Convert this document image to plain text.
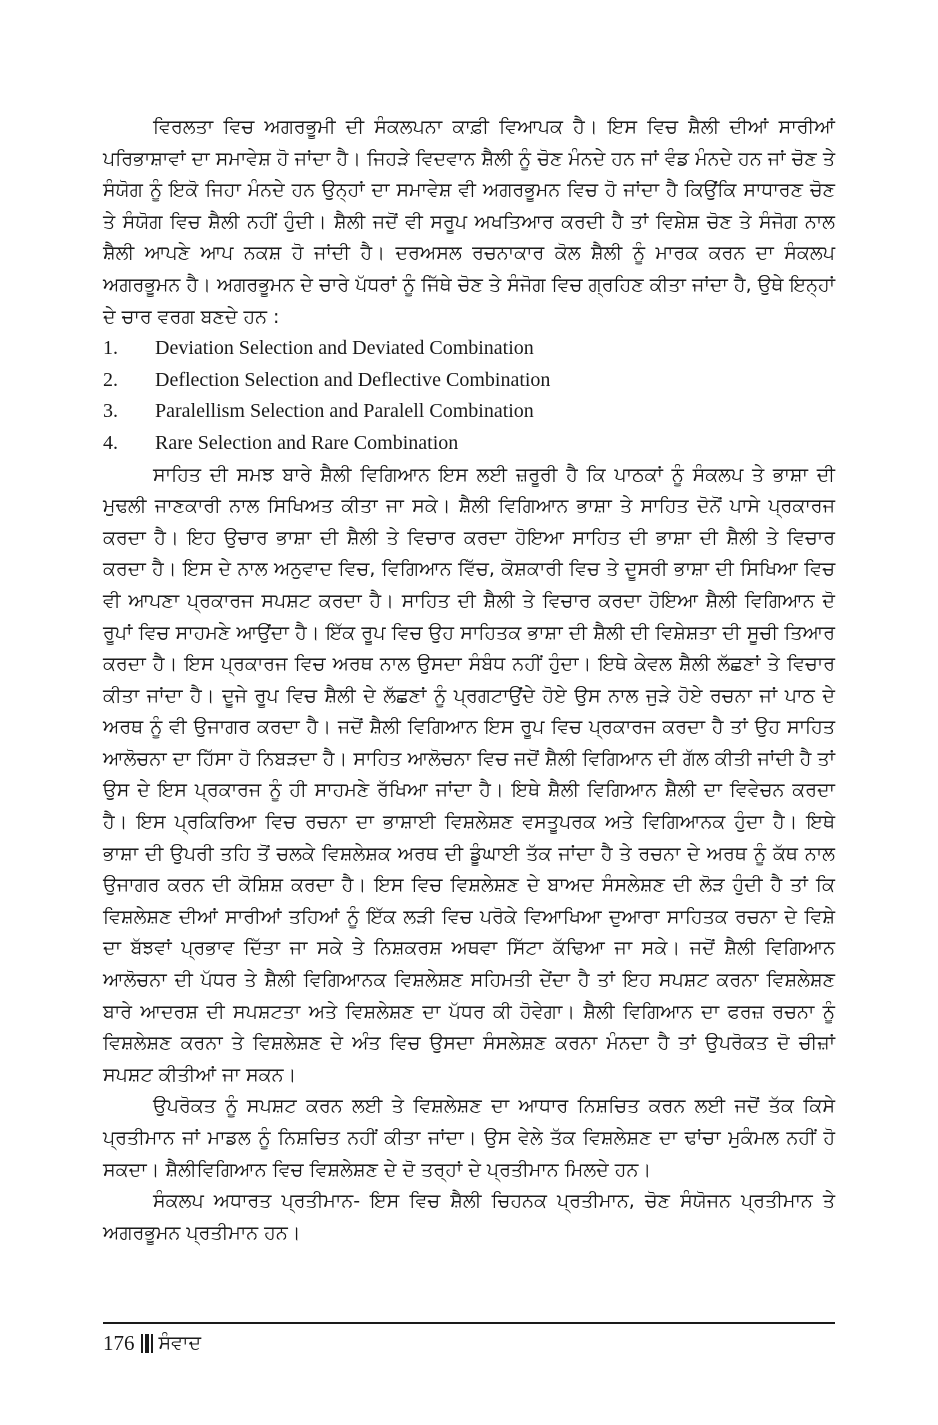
ਵਿਰਲਤਾ ਵਿਚ ਅਗਰਭੂਮੀ ਦੀ ਸੰਕਲਪਨਾ ਕਾਫ਼ੀ ਵਿਆਪਕ ਹੈ। ਇਸ ਵਿਚ ਸ਼ੈਲੀ ਦੀਆਂ ਸਾਰੀਆਂ ਪਰਿਭਾਸ਼ਾਵਾਂ ਦਾ ਸਮਾਵੇਸ਼ ਹੋ ਜਾਂਦਾ ਹੈ। ਜਿਹੜੇ ਵਿਦਵਾਨ ਸ਼ੈਲੀ ਨੂੰ ਚੋਣ ਮੰਨਦੇ ਹਨ ਜਾਂ ਵੰਡ ਮੰਨਦੇ ਹਨ ਜਾਂ ਚੋਣ ਤੇ ਸੰਯੋਗ ਨੂੰ ਇਕੋ ਜਿਹਾ ਮੰਨਦੇ ਹਨ ਉਨ੍ਹਾਂ ਦਾ ਸਮਾਵੇਸ਼ ਵੀ ਅਗਰਭੂਮਨ ਵਿਚ ਹੋ ਜਾਂਦਾ ਹੈ ਕਿਉਂਕਿ ਸਾਧਾਰਣ ਚੋਣ ਤੇ ਸੰਯੋਗ ਵਿਚ ਸ਼ੈਲੀ ਨਹੀਂ ਹੁੰਦੀ। ਸ਼ੈਲੀ ਜਦੋਂ ਵੀ ਸਰੂਪ ਅਖਤਿਆਰ ਕਰਦੀ ਹੈ ਤਾਂ ਵਿਸ਼ੇਸ਼ ਚੋਣ ਤੇ ਸੰਜੋਗ ਨਾਲ ਸ਼ੈਲੀ ਆਪਣੇ ਆਪ ਨਕਸ਼ ਹੋ ਜਾਂਦੀ ਹੈ। ਦਰਅਸਲ ਰਚਨਾਕਾਰ ਕੋਲ ਸ਼ੈਲੀ ਨੂੰ ਮਾਰਕ ਕਰਨ ਦਾ ਸੰਕਲਪ ਅਗਰਭੂਮਨ ਹੈ। ਅਗਰਭੂਮਨ ਦੇ ਚਾਰੇ ਪੱਧਰਾਂ ਨੂੰ ਜਿੱਥੇ ਚੋਣ ਤੇ ਸੰਜੋਗ ਵਿਚ ਗ੍ਰਹਿਣ ਕੀਤਾ ਜਾਂਦਾ ਹੈ, ਉਥੇ ਇਨ੍ਹਾਂ ਦੇ ਚਾਰ ਵਰਗ ਬਣਦੇ ਹਨ :

1.	Deviation Selection and Deviated Combination
2.	Deflection Selection and Deflective Combination
3.	Paralellism Selection and Paralell Combination
4.	Rare Selection and Rare Combination

ਸਾਹਿਤ ਦੀ ਸਮਝ ਬਾਰੇ ਸ਼ੈਲੀ ਵਿਗਿਆਨ ਇਸ ਲਈ ਜ਼ਰੂਰੀ ਹੈ ਕਿ ਪਾਠਕਾਂ ਨੂੰ ਸੰਕਲਪ ਤੇ ਭਾਸ਼ਾ ਦੀ ਮੁਢਲੀ ਜਾਣਕਾਰੀ ਨਾਲ ਸਿਖਿਅਤ ਕੀਤਾ ਜਾ ਸਕੇ। ਸ਼ੈਲੀ ਵਿਗਿਆਨ ਭਾਸ਼ਾ ਤੇ ਸਾਹਿਤ ਦੋਨੋਂ ਪਾਸੇ ਪ੍ਰਕਾਰਜ ਕਰਦਾ ਹੈ। ਇਹ ਉਚਾਰ ਭਾਸ਼ਾ ਦੀ ਸ਼ੈਲੀ ਤੇ ਵਿਚਾਰ ਕਰਦਾ ਹੋਇਆ ਸਾਹਿਤ ਦੀ ਭਾਸ਼ਾ ਦੀ ਸ਼ੈਲੀ ਤੇ ਵਿਚਾਰ ਕਰਦਾ ਹੈ। ਇਸ ਦੇ ਨਾਲ ਅਨੁਵਾਦ ਵਿਚ, ਵਿਗਿਆਨ ਵਿੱਚ, ਕੋਸ਼ਕਾਰੀ ਵਿਚ ਤੇ ਦੂਸਰੀ ਭਾਸ਼ਾ ਦੀ ਸਿਖਿਆ ਵਿਚ ਵੀ ਆਪਣਾ ਪ੍ਰਕਾਰਜ ਸਪਸ਼ਟ ਕਰਦਾ ਹੈ। ਸਾਹਿਤ ਦੀ ਸ਼ੈਲੀ ਤੇ ਵਿਚਾਰ ਕਰਦਾ ਹੋਇਆ ਸ਼ੈਲੀ ਵਿਗਿਆਨ ਦੋ ਰੂਪਾਂ ਵਿਚ ਸਾਹਮਣੇ ਆਉਂਦਾ ਹੈ। ਇੱਕ ਰੂਪ ਵਿਚ ਉਹ ਸਾਹਿਤਕ ਭਾਸ਼ਾ ਦੀ ਸ਼ੈਲੀ ਦੀ ਵਿਸ਼ੇਸ਼ਤਾ ਦੀ ਸੂਚੀ ਤਿਆਰ ਕਰਦਾ ਹੈ। ਇਸ ਪ੍ਰਕਾਰਜ ਵਿਚ ਅਰਥ ਨਾਲ ਉਸਦਾ ਸੰਬੰਧ ਨਹੀਂ ਹੁੰਦਾ। ਇਥੇ ਕੇਵਲ ਸ਼ੈਲੀ ਲੱਛਣਾਂ ਤੇ ਵਿਚਾਰ ਕੀਤਾ ਜਾਂਦਾ ਹੈ। ਦੂਜੇ ਰੂਪ ਵਿਚ ਸ਼ੈਲੀ ਦੇ ਲੱਛਣਾਂ ਨੂੰ ਪ੍ਰਗਟਾਉਂਦੇ ਹੋਏ ਉਸ ਨਾਲ ਜੁੜੇ ਹੋਏ ਰਚਨਾ ਜਾਂ ਪਾਠ ਦੇ ਅਰਥ ਨੂੰ ਵੀ ਉਜਾਗਰ ਕਰਦਾ ਹੈ। ਜਦੋਂ ਸ਼ੈਲੀ ਵਿਗਿਆਨ ਇਸ ਰੂਪ ਵਿਚ ਪ੍ਰਕਾਰਜ ਕਰਦਾ ਹੈ ਤਾਂ ਉਹ ਸਾਹਿਤ ਆਲੋਚਨਾ ਦਾ ਹਿੱਸਾ ਹੋ ਨਿਬੜਦਾ ਹੈ। ਸਾਹਿਤ ਆਲੋਚਨਾ ਵਿਚ ਜਦੋਂ ਸ਼ੈਲੀ ਵਿਗਿਆਨ ਦੀ ਗੱਲ ਕੀਤੀ ਜਾਂਦੀ ਹੈ ਤਾਂ ਉਸ ਦੇ ਇਸ ਪ੍ਰਕਾਰਜ ਨੂੰ ਹੀ ਸਾਹਮਣੇ ਰੱਖਿਆ ਜਾਂਦਾ ਹੈ। ਇਥੇ ਸ਼ੈਲੀ ਵਿਗਿਆਨ ਸ਼ੈਲੀ ਦਾ ਵਿਵੇਚਨ ਕਰਦਾ ਹੈ। ਇਸ ਪ੍ਰਕਿਰਿਆ ਵਿਚ ਰਚਨਾ ਦਾ ਭਾਸ਼ਾਈ ਵਿਸ਼ਲੇਸ਼ਣ ਵਸਤੂਪਰਕ ਅਤੇ ਵਿਗਿਆਨਕ ਹੁੰਦਾ ਹੈ। ਇਥੇ ਭਾਸ਼ਾ ਦੀ ਉਪਰੀ ਤਹਿ ਤੋਂ ਚਲਕੇ ਵਿਸ਼ਲੇਸ਼ਕ ਅਰਥ ਦੀ ਡੂੰਘਾਈ ਤੱਕ ਜਾਂਦਾ ਹੈ ਤੇ ਰਚਨਾ ਦੇ ਅਰਥ ਨੂੰ ਕੱਥ ਨਾਲ ਉਜਾਗਰ ਕਰਨ ਦੀ ਕੋਸ਼ਿਸ਼ ਕਰਦਾ ਹੈ। ਇਸ ਵਿਚ ਵਿਸ਼ਲੇਸ਼ਣ ਦੇ ਬਾਅਦ ਸੰਸਲੇਸ਼ਣ ਦੀ ਲੋੜ ਹੁੰਦੀ ਹੈ ਤਾਂ ਕਿ ਵਿਸ਼ਲੇਸ਼ਣ ਦੀਆਂ ਸਾਰੀਆਂ ਤਹਿਆਂ ਨੂੰ ਇੱਕ ਲੜੀ ਵਿਚ ਪਰੋਕੇ ਵਿਆਖਿਆ ਦੁਆਰਾ ਸਾਹਿਤਕ ਰਚਨਾ ਦੇ ਵਿਸ਼ੇ ਦਾ ਬੱਝਵਾਂ ਪ੍ਰਭਾਵ ਦਿੱਤਾ ਜਾ ਸਕੇ ਤੇ ਨਿਸ਼ਕਰਸ਼ ਅਥਵਾ ਸਿੱਟਾ ਕੱਢਿਆ ਜਾ ਸਕੇ। ਜਦੋਂ ਸ਼ੈਲੀ ਵਿਗਿਆਨ ਆਲੋਚਨਾ ਦੀ ਪੱਧਰ ਤੇ ਸ਼ੈਲੀ ਵਿਗਿਆਨਕ ਵਿਸ਼ਲੇਸ਼ਣ ਸਹਿਮਤੀ ਦੇਂਦਾ ਹੈ ਤਾਂ ਇਹ ਸਪਸ਼ਟ ਕਰਨਾ ਵਿਸ਼ਲੇਸ਼ਣ ਬਾਰੇ ਆਦਰਸ਼ ਦੀ ਸਪਸ਼ਟਤਾ ਅਤੇ ਵਿਸ਼ਲੇਸ਼ਣ ਦਾ ਪੱਧਰ ਕੀ ਹੋਵੇਗਾ। ਸ਼ੈਲੀ ਵਿਗਿਆਨ ਦਾ ਫਰਜ਼ ਰਚਨਾ ਨੂੰ ਵਿਸ਼ਲੇਸ਼ਣ ਕਰਨਾ ਤੇ ਵਿਸ਼ਲੇਸ਼ਣ ਦੇ ਅੰਤ ਵਿਚ ਉਸਦਾ ਸੰਸਲੇਸ਼ਣ ਕਰਨਾ ਮੰਨਦਾ ਹੈ ਤਾਂ ਉਪਰੋਕਤ ਦੋ ਚੀਜ਼ਾਂ ਸਪਸ਼ਟ ਕੀਤੀਆਂ ਜਾ ਸਕਨ।

ਉਪਰੋਕਤ ਨੂੰ ਸਪਸ਼ਟ ਕਰਨ ਲਈ ਤੇ ਵਿਸ਼ਲੇਸ਼ਣ ਦਾ ਆਧਾਰ ਨਿਸ਼ਚਿਤ ਕਰਨ ਲਈ ਜਦੋਂ ਤੱਕ ਕਿਸੇ ਪ੍ਰਤੀਮਾਨ ਜਾਂ ਮਾਡਲ ਨੂੰ ਨਿਸ਼ਚਿਤ ਨਹੀਂ ਕੀਤਾ ਜਾਂਦਾ। ਉਸ ਵੇਲੇ ਤੱਕ ਵਿਸ਼ਲੇਸ਼ਣ ਦਾ ਢਾਂਚਾ ਮੁਕੰਮਲ ਨਹੀਂ ਹੋ ਸਕਦਾ। ਸ਼ੈਲੀਵਿਗਿਆਨ ਵਿਚ ਵਿਸ਼ਲੇਸ਼ਣ ਦੇ ਦੋ ਤਰ੍ਹਾਂ ਦੇ ਪ੍ਰਤੀਮਾਨ ਮਿਲਦੇ ਹਨ।

ਸੰਕਲਪ ਅਧਾਰਤ ਪ੍ਰਤੀਮਾਨ- ਇਸ ਵਿਚ ਸ਼ੈਲੀ ਚਿਹਨਕ ਪ੍ਰਤੀਮਾਨ, ਚੋਣ ਸੰਯੋਜਨ ਪ੍ਰਤੀਮਾਨ ਤੇ ਅਗਰਭੂਮਨ ਪ੍ਰਤੀਮਾਨ ਹਨ।

176 ਸੰਵਾਦ
